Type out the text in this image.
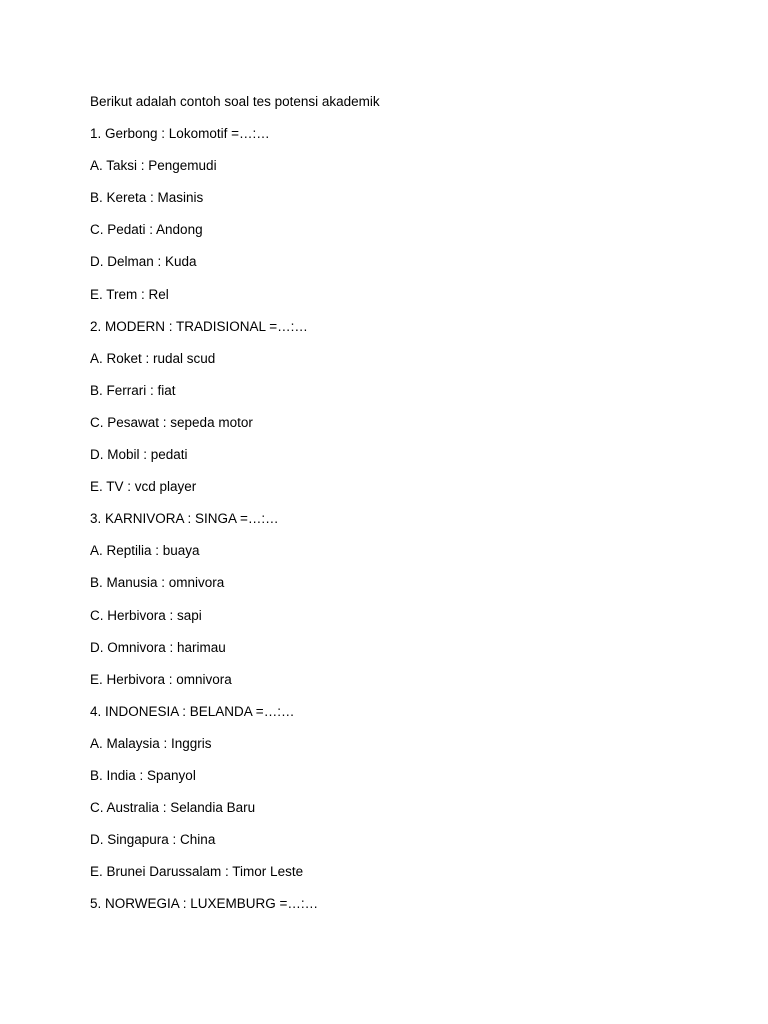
Berikut adalah contoh soal tes potensi akademik
1. Gerbong : Lokomotif =…:…
A. Taksi : Pengemudi
B. Kereta : Masinis
C. Pedati : Andong
D. Delman : Kuda
E. Trem : Rel
2. MODERN : TRADISIONAL =…:…
A. Roket : rudal scud
B. Ferrari : fiat
C. Pesawat : sepeda motor
D. Mobil : pedati
E. TV : vcd player
3. KARNIVORA : SINGA =…:…
A. Reptilia : buaya
B. Manusia : omnivora
C. Herbivora : sapi
D. Omnivora : harimau
E. Herbivora : omnivora
4. INDONESIA : BELANDA =…:…
A. Malaysia : Inggris
B. India : Spanyol
C. Australia : Selandia Baru
D. Singapura : China
E. Brunei Darussalam : Timor Leste
5. NORWEGIA : LUXEMBURG =…:…
